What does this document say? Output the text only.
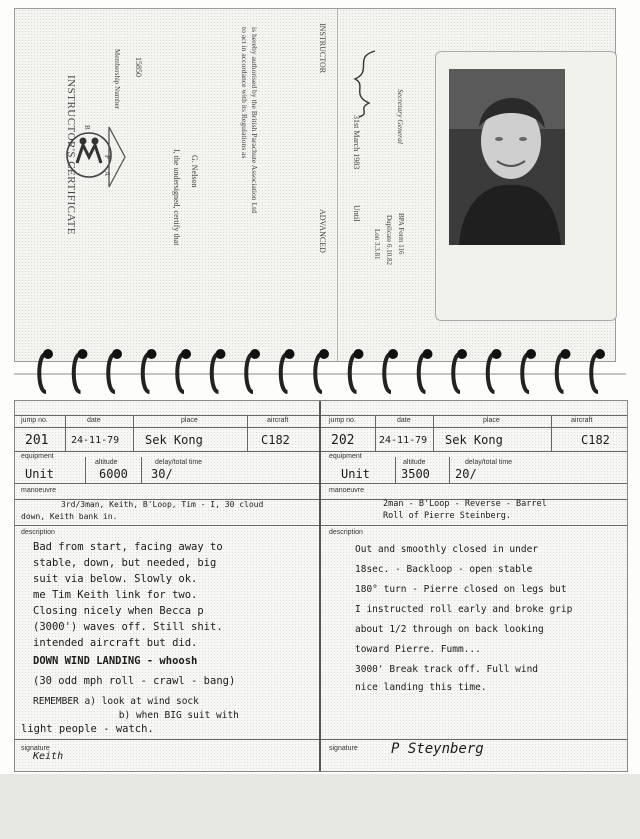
INSTRUCTOR'S CERTIFICATE B
P
A
Membership Number 15850
I, the undersigned, certify that G. Nelson	is hereby authorised by the British Parachute Association Ltd to act in accordance with its Regulations as
ADVANCED
INSTRUCTOR
Until
31st March 1983	Secretary General
Lon 3.3.81 Duplicate 6.10.82 BPA Form 116
jump no.	date	place	aircraft
201 24-11-79 Sek Kong	C182
equipment
altitude	delay/total time
Unit	6000 30/
manoeuvre
3rd/3man, Keith, B'Loop, Tim - I, 30 cloud
down, Keith bank in.
description
Bad from start, facing away to
stable, down, but needed, big
suit via below. Slowly ok.
me Tim Keith link for two.
Closing nicely when Becca p
(3000') waves off. Still shit.
intended aircraft but did.
DOWN WIND LANDING - whoosh
(30 odd mph roll - crawl - bang)
REMEMBER a) look at wind sock
b) when BIG suit with
light people - watch.
signature
Keith
jump no.	date	place	aircraft
202 24-11-79 Sek Kong	C182
equipment
altitude	delay/total time
Unit	3500 20/
manoeuvre
2man - B'Loop - Reverse - Barrel
Roll of Pierre Steinberg.
description
Out and smoothly closed in under
18sec. - Backloop - open stable
180° turn - Pierre closed on legs but
I instructed roll early and broke grip
about 1/2 through on back looking
toward Pierre. Fumm...
3000' Break track off. Full wind
nice landing this time.
signature P Steynberg
